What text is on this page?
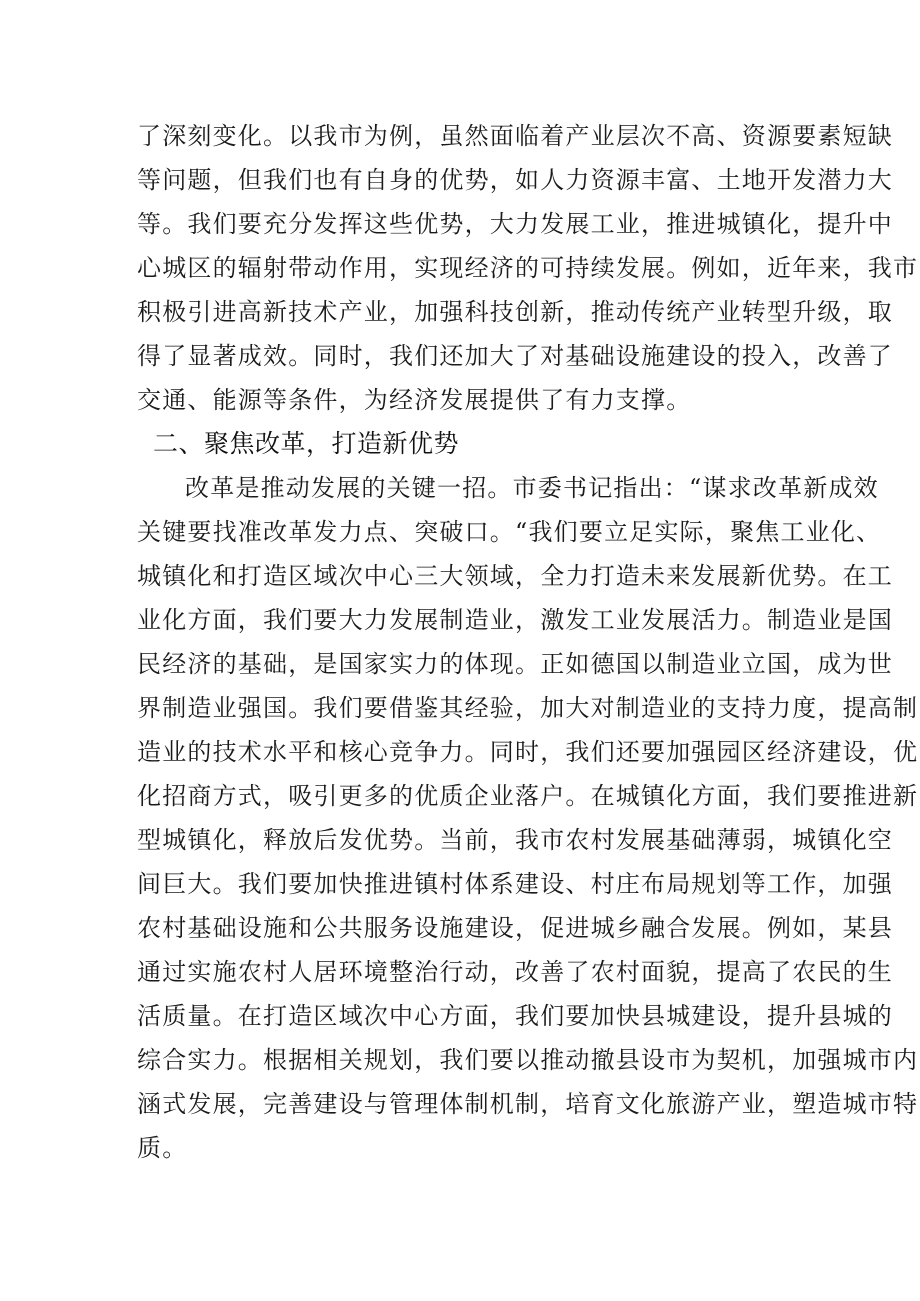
了深刻变化。以我市为例，虽然面临着产业层次不高、资源要素短缺
等问题，但我们也有自身的优势，如人力资源丰富、土地开发潜力大
等。我们要充分发挥这些优势，大力发展工业，推进城镇化，提升中
心城区的辐射带动作用，实现经济的可持续发展。例如，近年来，我市
积极引进高新技术产业，加强科技创新，推动传统产业转型升级，取
得了显著成效。同时，我们还加大了对基础设施建设的投入，改善了
交通、能源等条件，为经济发展提供了有力支撑。
二、聚焦改革，打造新优势
改革是推动发展的关键一招。市委书记指出：“谋求改革新成效
关键要找准改革发力点、突破口。“我们要立足实际，聚焦工业化、
城镇化和打造区域次中心三大领域，全力打造未来发展新优势。在工
业化方面，我们要大力发展制造业，激发工业发展活力。制造业是国
民经济的基础，是国家实力的体现。正如德国以制造业立国，成为世
界制造业强国。我们要借鉴其经验，加大对制造业的支持力度，提高制
造业的技术水平和核心竞争力。同时，我们还要加强园区经济建设，优
化招商方式，吸引更多的优质企业落户。在城镇化方面，我们要推进新
型城镇化，释放后发优势。当前，我市农村发展基础薄弱，城镇化空
间巨大。我们要加快推进镇村体系建设、村庄布局规划等工作，加强
农村基础设施和公共服务设施建设，促进城乡融合发展。例如，某县
通过实施农村人居环境整治行动，改善了农村面貌，提高了农民的生
活质量。在打造区域次中心方面，我们要加快县城建设，提升县城的
综合实力。根据相关规划，我们要以推动撤县设市为契机，加强城市内
涵式发展，完善建设与管理体制机制，培育文化旅游产业，塑造城市特
质。
